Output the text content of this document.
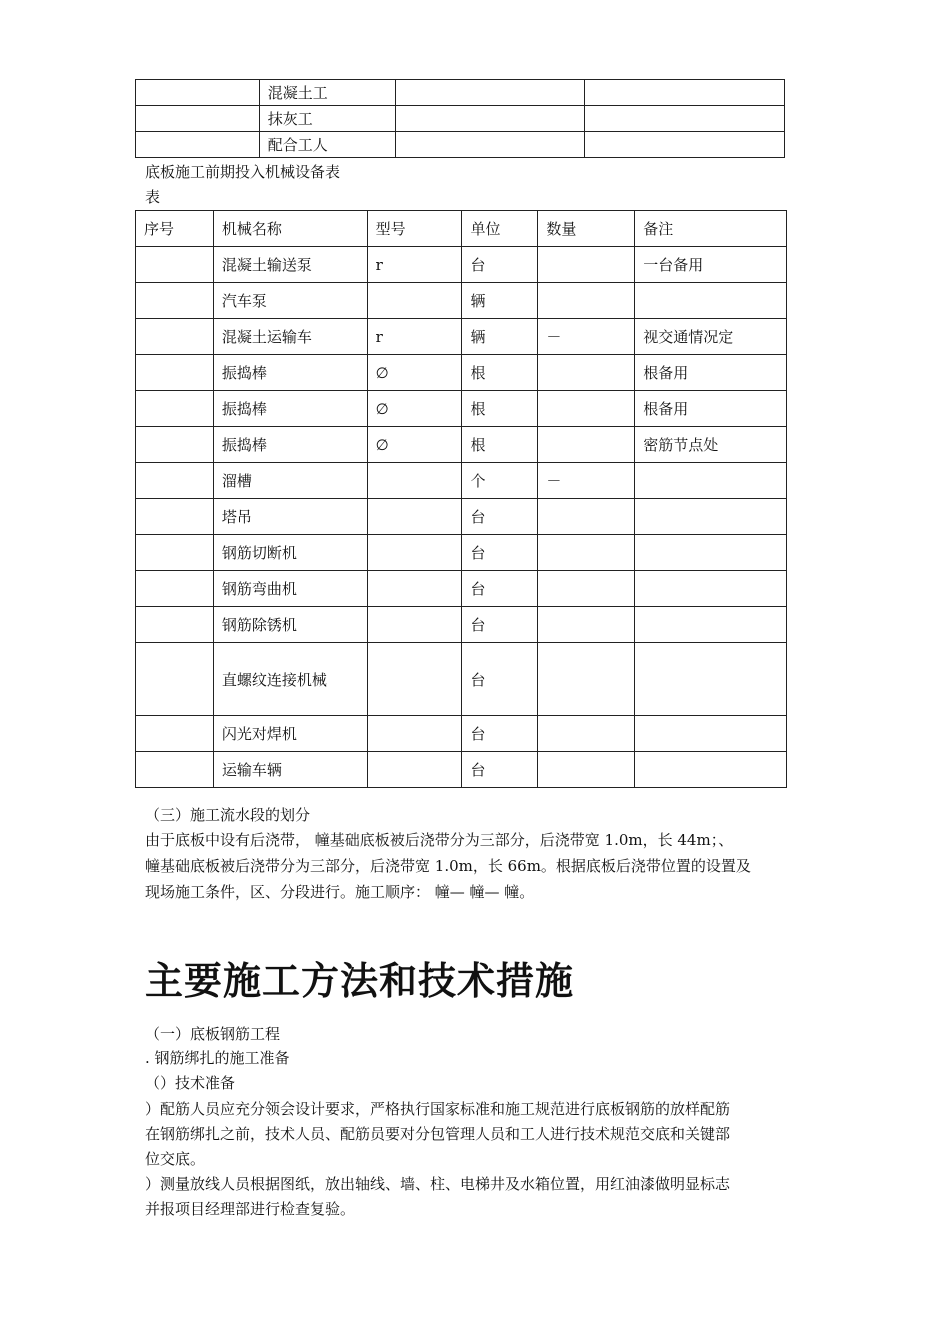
	混凝土工		
	抹灰工		
	配合工人		
底板施工前期投入机械设备表
表
序号	机械名称	型号	单位	数量	备注
	混凝土输送泵	r	台		一台备用
	汽车泵		辆		
	混凝土运输车	r	辆	－	视交通情况定
	振捣棒	∅	根		根备用
	振捣棒	∅	根		根备用
	振捣棒	∅	根		密筋节点处
	溜槽		个	－	
	塔吊		台		
	钢筋切断机		台		
	钢筋弯曲机		台		
	钢筋除锈机		台		
	直螺纹连接机械		台		
	闪光对焊机		台		
	运输车辆		台		
（三）施工流水段的划分
由于底板中设有后浇带， 幢基础底板被后浇带分为三部分，后浇带宽 1.0m，长 44m；、
幢基础底板被后浇带分为三部分，后浇带宽 1.0m，长 66m。根据底板后浇带位置的设置及
现场施工条件，区、分段进行。施工顺序： 幢— 幢— 幢。
主要施工方法和技术措施
（一）底板钢筋工程
. 钢筋绑扎的施工准备
（）技术准备
）配筋人员应充分领会设计要求，严格执行国家标准和施工规范进行底板钢筋的放样配筋
在钢筋绑扎之前，技术人员、配筋员要对分包管理人员和工人进行技术规范交底和关键部
位交底。
）测量放线人员根据图纸，放出轴线、墙、柱、电梯井及水箱位置，用红油漆做明显标志
并报项目经理部进行检查复验。
